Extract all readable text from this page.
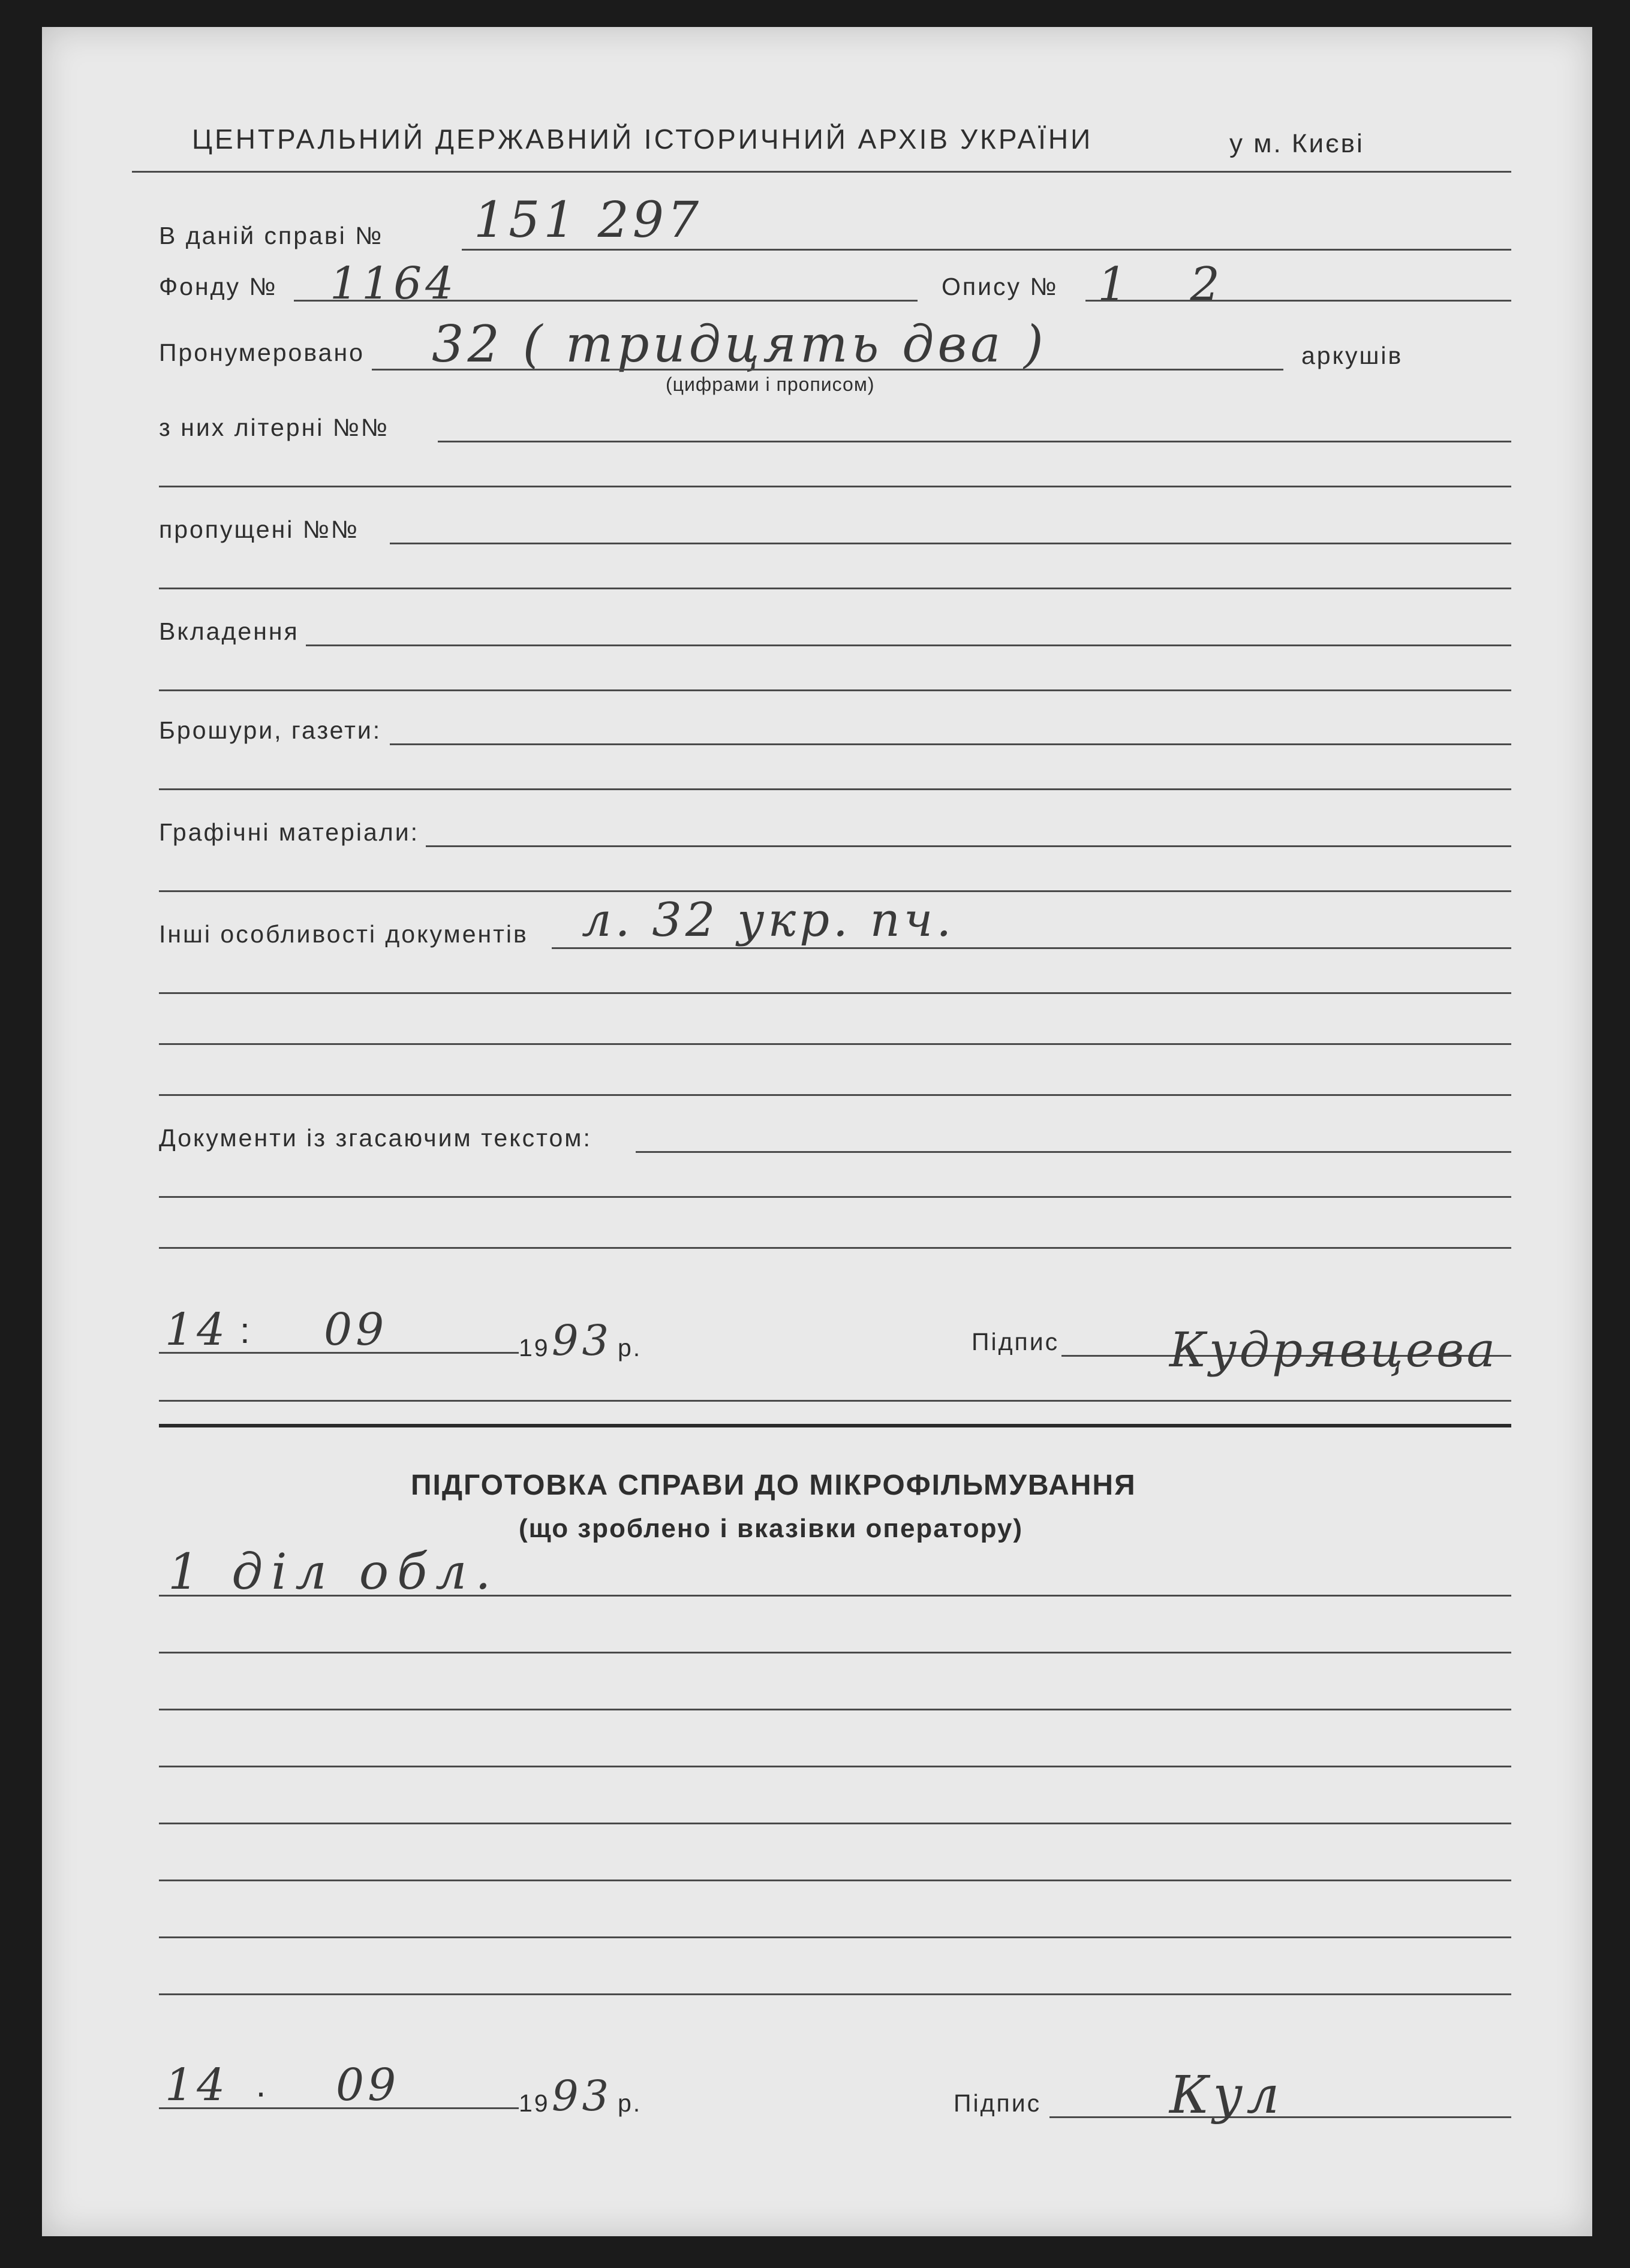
ЦЕНТРАЛЬНИЙ ДЕРЖАВНИЙ ІСТОРИЧНИЙ АРХІВ УКРАЇНИ	у м. Києві
В даній справі № 151 297
Фонду № 1164	Опису № 1 2
Пронумеровано 32 ( тридцять два )
(цифрами і прописом)
аркушів
з них літерні №№
пропущені №№
Вкладення
Брошури, газети:
Графічні матеріали:
Інші особливості документів л. 32 укр. пч.
Документи із згасаючим текстом:
14 : 09	19 93 р.	Підпис Кудрявцева
ПІДГОТОВКА СПРАВИ ДО МІКРОФІЛЬМУВАННЯ
(що зроблено і вказівки оператору)
1 діл обл.
14 · 09	19 93 р.	Підпис Кул
